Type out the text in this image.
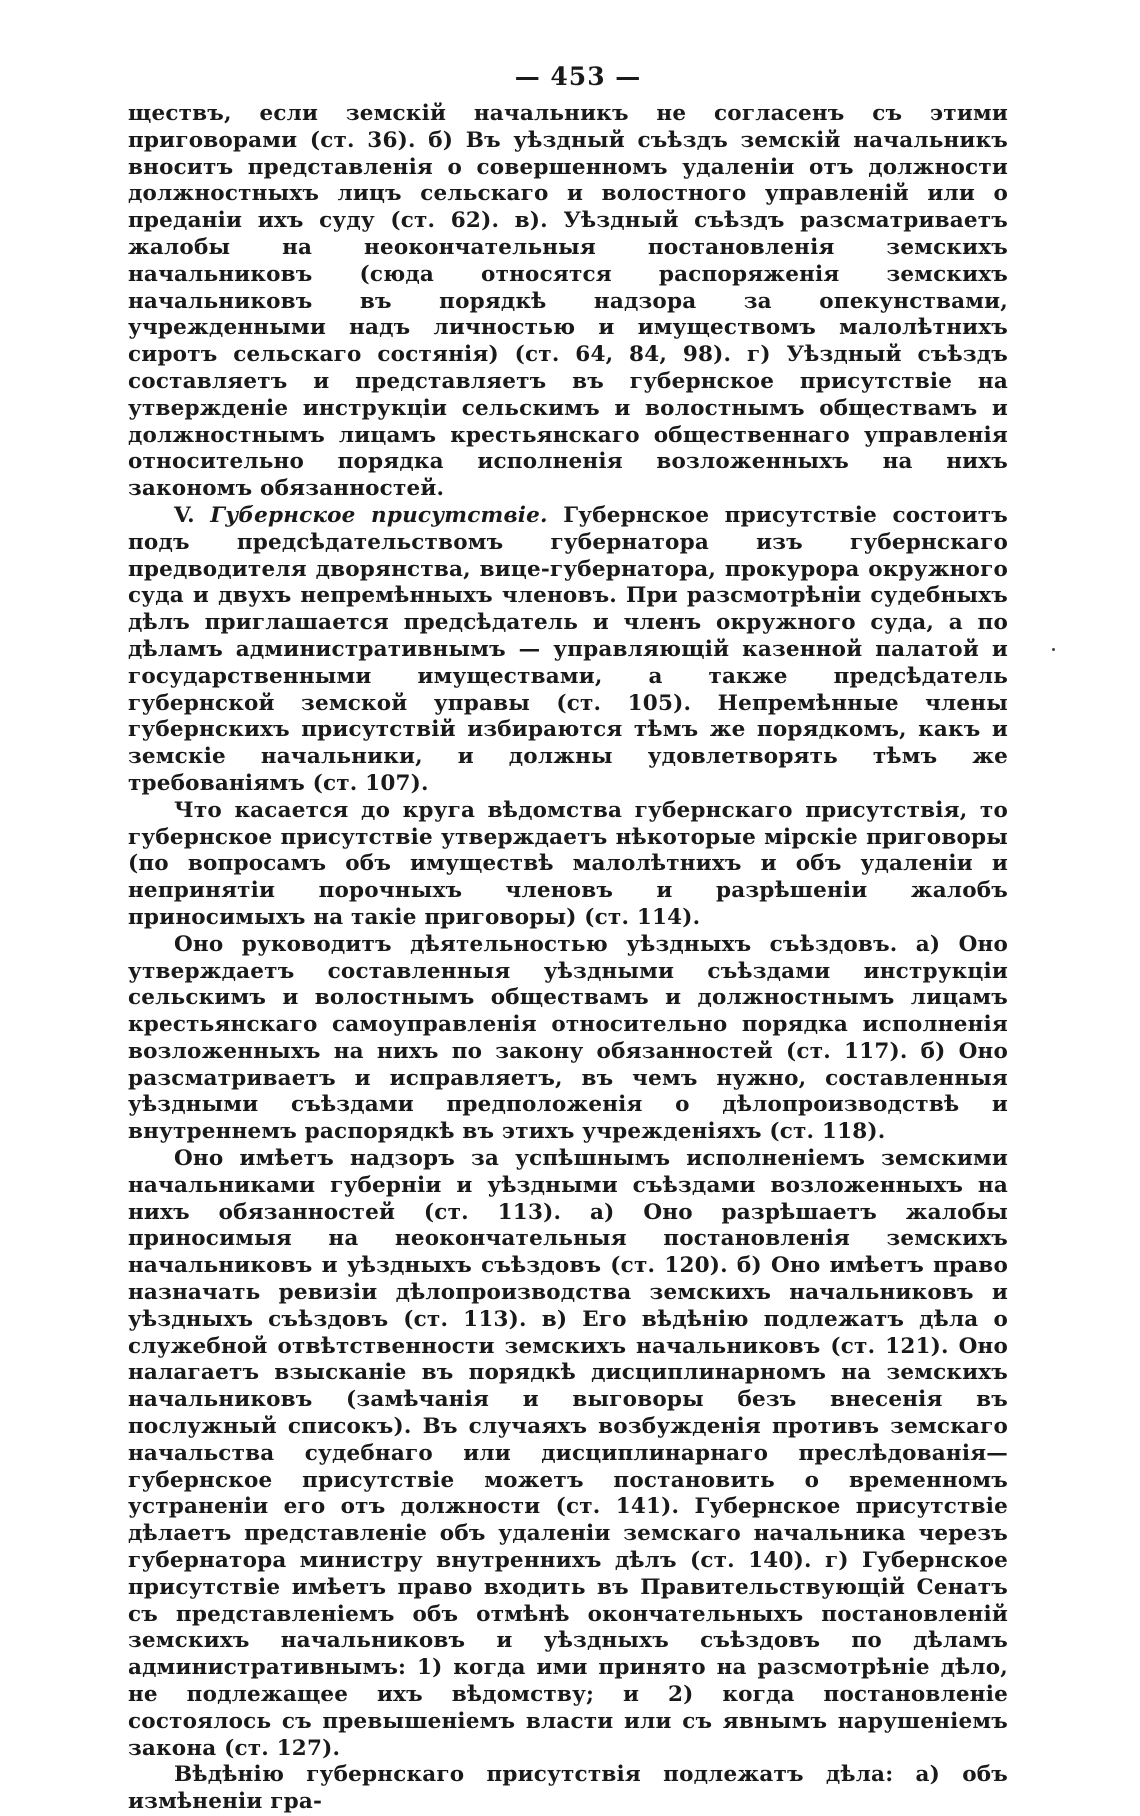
— 453 —

ществъ, если земскій начальникъ не согласенъ съ этими приговорами (ст. 36). б) Въ уѣздный съѣздъ земскій начальникъ вноситъ представленія о совершенномъ удаленіи отъ должности должностныхъ лицъ сельскаго и волостного управленій или о преданіи ихъ суду (ст. 62). в). Уѣздный съѣздъ разсматриваетъ жалобы на неокончательныя постановленія земскихъ начальниковъ (сюда относятся распоряженія земскихъ начальниковъ въ порядкѣ надзора за опекунствами, учрежденными надъ личностью и имуществомъ малолѣтнихъ сиротъ сельскаго состянія) (ст. 64, 84, 98). г) Уѣздный съѣздъ составляетъ и представляетъ въ губернское присутствіе на утвержденіе инструкціи сельскимъ и волостнымъ обществамъ и должностнымъ лицамъ крестьянскаго общественнаго управленія относительно порядка исполненія возложенныхъ на нихъ закономъ обязанностей.

V. Губернское присутствіе. Губернское присутствіе состоитъ подъ предсѣдательствомъ губернатора изъ губернскаго предводителя дворянства, вице-губернатора, прокурора окружного суда и двухъ непремѣнныхъ членовъ. При разсмотрѣніи судебныхъ дѣлъ приглашается предсѣдатель и членъ окружного суда, а по дѣламъ административнымъ — управляющій казенной палатой и государственными имуществами, а также предсѣдатель губернской земской управы (ст. 105). Непремѣнные члены губернскихъ присутствій избираются тѣмъ же порядкомъ, какъ и земскіе начальники, и должны удовлетворять тѣмъ же требованіямъ (ст. 107).

Что касается до круга вѣдомства губернскаго присутствія, то губернское присутствіе утверждаетъ нѣкоторые мірскіе приговоры (по вопросамъ объ имуществѣ малолѣтнихъ и объ удаленіи и непринятіи порочныхъ членовъ и разрѣшеніи жалобъ приносимыхъ на такіе приговоры) (ст. 114).

Оно руководитъ дѣятельностью уѣздныхъ съѣздовъ. а) Оно утверждаетъ составленныя уѣздными съѣздами инструкціи сельскимъ и волостнымъ обществамъ и должностнымъ лицамъ крестьянскаго самоуправленія относительно порядка исполненія возложенныхъ на нихъ по закону обязанностей (ст. 117). б) Оно разсматриваетъ и исправляетъ, въ чемъ нужно, составленныя уѣздными съѣздами предположенія о дѣлопроизводствѣ и внутреннемъ распорядкѣ въ этихъ учрежденіяхъ (ст. 118).

Оно имѣетъ надзоръ за успѣшнымъ исполненіемъ земскими начальниками губерніи и уѣздными съѣздами возложенныхъ на нихъ обязанностей (ст. 113). а) Оно разрѣшаетъ жалобы приносимыя на неокончательныя постановленія земскихъ начальниковъ и уѣздныхъ съѣздовъ (ст. 120). б) Оно имѣетъ право назначать ревизіи дѣлопроизводства земскихъ начальниковъ и уѣздныхъ съѣздовъ (ст. 113). в) Его вѣдѣнію подлежатъ дѣла о служебной отвѣтственности земскихъ начальниковъ (ст. 121). Оно налагаетъ взысканіе въ порядкѣ дисциплинарномъ на земскихъ начальниковъ (замѣчанія и выговоры безъ внесенія въ послужный списокъ). Въ случаяхъ возбужденія противъ земскаго начальства судебнаго или дисциплинарнаго преслѣдованія—губернское присутствіе можетъ постановить о временномъ устраненіи его отъ должности (ст. 141). Губернское присутствіе дѣлаетъ представленіе объ удаленіи земскаго начальника черезъ губернатора министру внутреннихъ дѣлъ (ст. 140). г) Губернское присутствіе имѣетъ право входить въ Правительствующій Сенатъ съ представленіемъ объ отмѣнѣ окончательныхъ постановленій земскихъ начальниковъ и уѣздныхъ съѣздовъ по дѣламъ административнымъ: 1) когда ими принято на разсмотрѣніе дѣло, не подлежащее ихъ вѣдомству; и 2) когда постановленіе состоялось съ превышеніемъ власти или съ явнымъ нарушеніемъ закона (ст. 127).

Вѣдѣнію губернскаго присутствія подлежатъ дѣла: а) объ измѣненіи гра-
